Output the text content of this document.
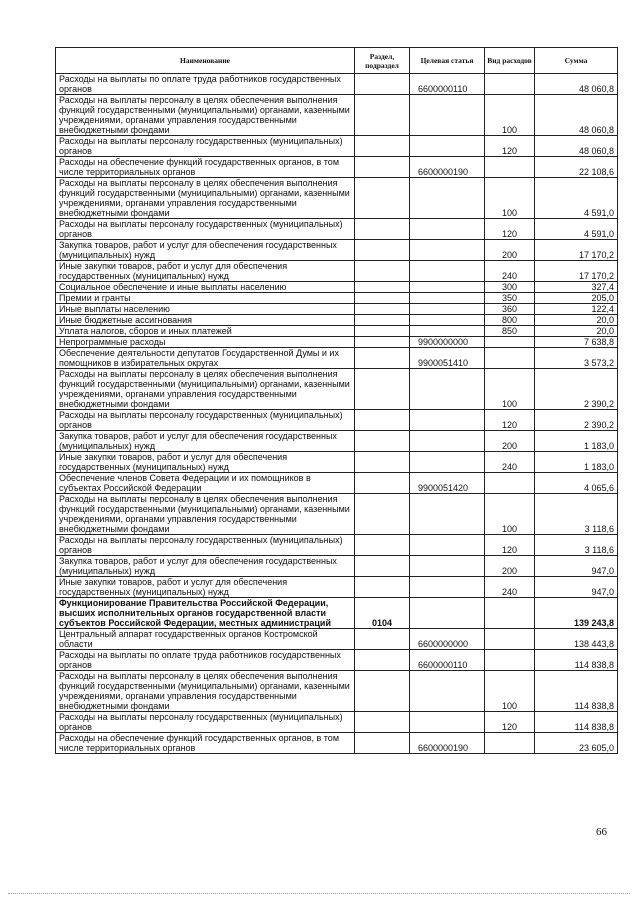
Наименование	Раздел, подраздел	Целевая статья	Вид расходов	Сумма
Расходы на выплаты по оплате труда работников государственных органов		6600000110		48 060,8
Расходы на выплаты персоналу в целях обеспечения выполнения функций государственными (муниципальными) органами, казенными учреждениями, органами управления государственными внебюджетными фондами			100	48 060,8
Расходы на выплаты персоналу государственных (муниципальных) органов			120	48 060,8
Расходы на обеспечение функций государственных органов, в том числе территориальных органов		6600000190		22 108,6
Расходы на выплаты персоналу в целях обеспечения выполнения функций государственными (муниципальными) органами, казенными учреждениями, органами управления государственными внебюджетными фондами			100	4 591,0
Расходы на выплаты персоналу государственных (муниципальных) органов			120	4 591,0
Закупка товаров, работ и услуг для обеспечения государственных (муниципальных) нужд			200	17 170,2
Иные закупки товаров, работ и услуг для обеспечения государственных (муниципальных) нужд			240	17 170,2
Социальное обеспечение и иные выплаты населению			300	327,4
Премии и гранты			350	205,0
Иные выплаты населению			360	122,4
Иные бюджетные ассигнования			800	20,0
Уплата налогов, сборов и иных платежей			850	20,0
Непрограммные расходы		9900000000		7 638,8
Обеспечение деятельности депутатов Государственной Думы и их помощников в избирательных округах		9900051410		3 573,2
Расходы на выплаты персоналу в целях обеспечения выполнения функций государственными (муниципальными) органами, казенными учреждениями, органами управления государственными внебюджетными фондами			100	2 390,2
Расходы на выплаты персоналу государственных (муниципальных) органов			120	2 390,2
Закупка товаров, работ и услуг для обеспечения государственных (муниципальных) нужд			200	1 183,0
Иные закупки товаров, работ и услуг для обеспечения государственных (муниципальных) нужд			240	1 183,0
Обеспечение членов Совета Федерации и их помощников в субъектах Российской Федерации		9900051420		4 065,6
Расходы на выплаты персоналу в целях обеспечения выполнения функций государственными (муниципальными) органами, казенными учреждениями, органами управления государственными внебюджетными фондами			100	3 118,6
Расходы на выплаты персоналу государственных (муниципальных) органов			120	3 118,6
Закупка товаров, работ и услуг для обеспечения государственных (муниципальных) нужд			200	947,0
Иные закупки товаров, работ и услуг для обеспечения государственных (муниципальных) нужд			240	947,0
Функционирование Правительства Российской Федерации, высших исполнительных органов государственной власти субъектов Российской Федерации, местных администраций	0104			139 243,8
Центральный аппарат государственных органов Костромской области		6600000000		138 443,8
Расходы на выплаты по оплате труда работников государственных органов		6600000110		114 838,8
Расходы на выплаты персоналу в целях обеспечения выполнения функций государственными (муниципальными) органами, казенными учреждениями, органами управления государственными внебюджетными фондами			100	114 838,8
Расходы на выплаты персоналу государственных (муниципальных) органов			120	114 838,8
Расходы на обеспечение функций государственных органов, в том числе территориальных органов		6600000190		23 605,0
66
